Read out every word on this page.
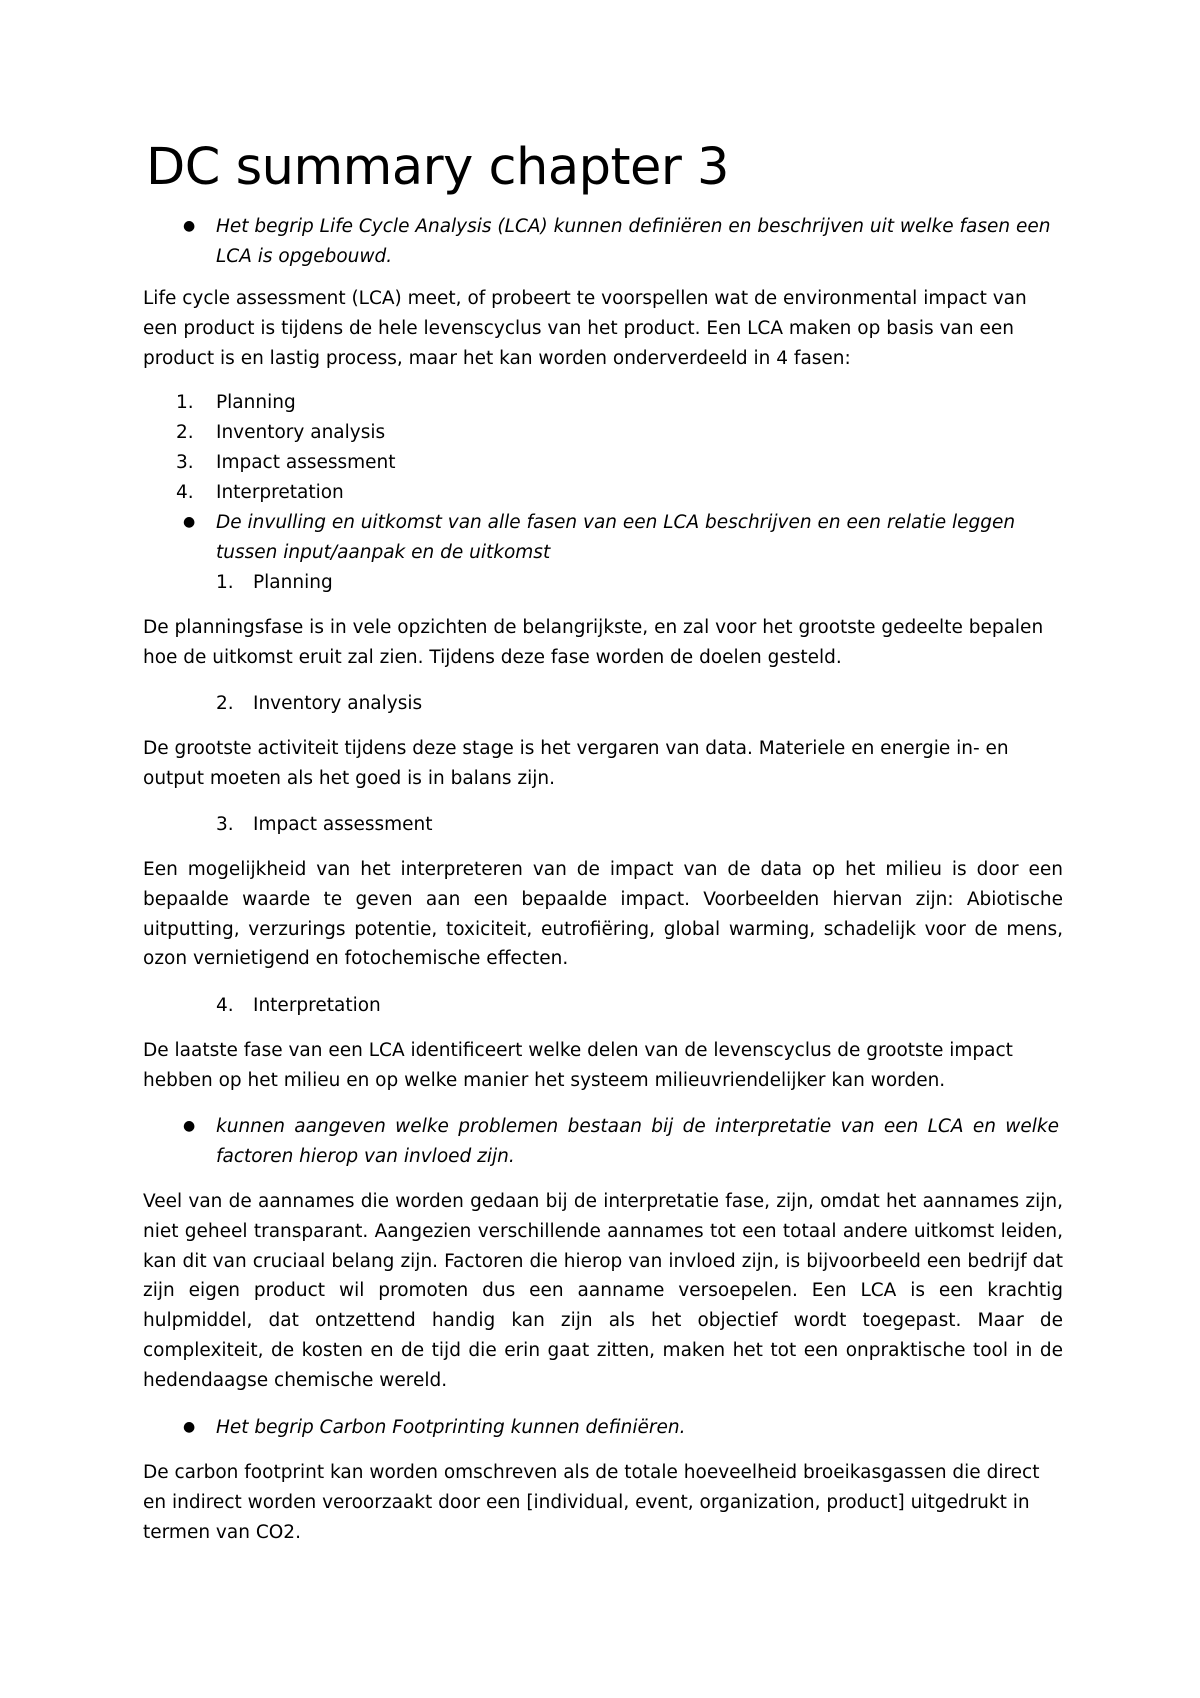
DC summary chapter 3
● Het begrip Life Cycle Analysis (LCA) kunnen definiëren en beschrijven uit welke fasen een LCA is opgebouwd.

Life cycle assessment (LCA) meet, of probeert te voorspellen wat de environmental impact van een product is tijdens de hele levenscyclus van het product. Een LCA maken op basis van een product is en lastig process, maar het kan worden onderverdeeld in 4 fasen:

1. Planning
2. Inventory analysis
3. Impact assessment
4. Interpretation
● De invulling en uitkomst van alle fasen van een LCA beschrijven en een relatie leggen tussen input/aanpak en de uitkomst
1. Planning

De planningsfase is in vele opzichten de belangrijkste, en zal voor het grootste gedeelte bepalen hoe de uitkomst eruit zal zien. Tijdens deze fase worden de doelen gesteld.

2. Inventory analysis

De grootste activiteit tijdens deze stage is het vergaren van data. Materiele en energie in- en output moeten als het goed is in balans zijn.

3. Impact assessment

Een mogelijkheid van het interpreteren van de impact van de data op het milieu is door een bepaalde waarde te geven aan een bepaalde impact. Voorbeelden hiervan zijn: Abiotische uitputting, verzurings potentie, toxiciteit, eutrofiëring, global warming, schadelijk voor de mens, ozon vernietigend en fotochemische effecten.

4. Interpretation

De laatste fase van een LCA identificeert welke delen van de levenscyclus de grootste impact hebben op het milieu en op welke manier het systeem milieuvriendelijker kan worden.

● kunnen aangeven welke problemen bestaan bij de interpretatie van een LCA en welke factoren hierop van invloed zijn.

Veel van de aannames die worden gedaan bij de interpretatie fase, zijn, omdat het aannames zijn, niet geheel transparant. Aangezien verschillende aannames tot een totaal andere uitkomst leiden, kan dit van cruciaal belang zijn. Factoren die hierop van invloed zijn, is bijvoorbeeld een bedrijf dat zijn eigen product wil promoten dus een aanname versoepelen. Een LCA is een krachtig hulpmiddel, dat ontzettend handig kan zijn als het objectief wordt toegepast. Maar de complexiteit, de kosten en de tijd die erin gaat zitten, maken het tot een onpraktische tool in de hedendaagse chemische wereld.

● Het begrip Carbon Footprinting kunnen definiëren.

De carbon footprint kan worden omschreven als de totale hoeveelheid broeikasgassen die direct en indirect worden veroorzaakt door een [individual, event, organization, product] uitgedrukt in termen van CO2.
